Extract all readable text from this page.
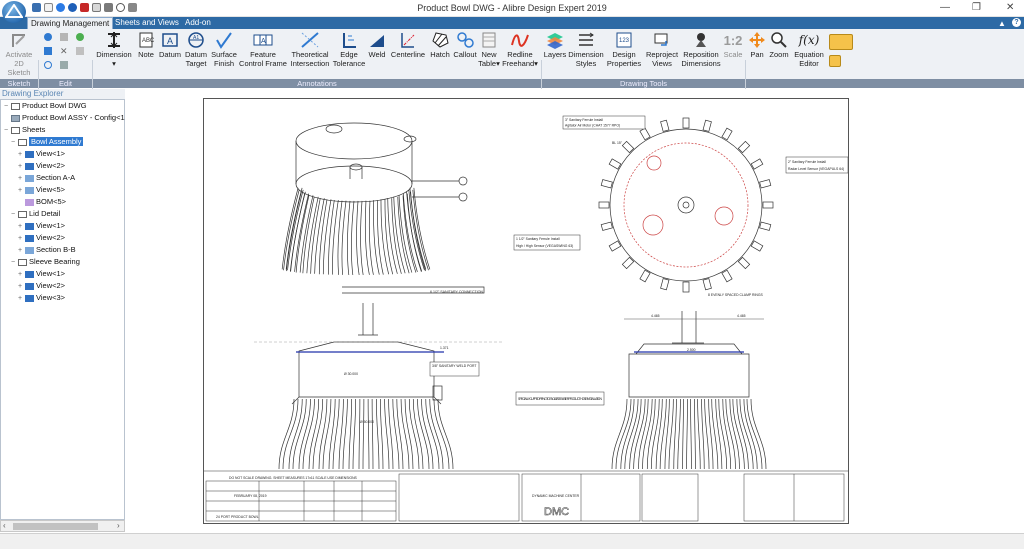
Product Bowl DWG - Alibre Design Expert 2019	— ❐	✕
Drawing Management Sheets and Views Add-on	▲	?
Activate
2D Sketch
✕	Dimension
▾
ABC
Note
A
Datum
A1
Datum
Target
Surface
Finish
A
Feature
Control Frame
Theoretical
Intersection
Edge
Tolerance
Weld Centerline Hatch Callout New
Table▾
Redline
Freehand▾
Layers Dimension
Styles
123
Design
Properties
Reproject
Views
Reposition
Dimensions
1:2
Scale	Pan Zoom
f(x)
Equation
Editor
Sketch	Edit	Annotations	Drawing Tools
Drawing Explorer
− Product Bowl DWG
Product Bowl ASSY - Config<1
− Sheets
− Bowl Assembly
+ View<1>
+ View<2>
+ Section A-A
+ View<5>
BOM<5>
− Lid Detail
+ View<1>
+ View<2>
+ Section B-B
− Sleeve Bearing
+ View<1>
+ View<2>
+ View<3>
‹	›
6 1/2" SANITARY CONNECTION
3" Sanitary Ferrule Install
Agitator Air Motor (CHAT 1577 RPO)
2" Sanitary Ferrule Install
Radar Level Sensor (VEGAPULS 64)
1 1/2" Sanitary Ferrule Install
High / High Sensor (VEGASWING 63)
BL 15"
8 EVENLY SPACED CLAMP RINGS
3/8" SANITARY WELD PORT
1.371
Ø 30.000
Ø 50.000
4.465	4.465
2.500
SPECIALLY CUPPED PIPING TO FACILITATE EASIER PRODUCT HOSE INSTALLATION
DO NOT SCALE DRAWING. SHEET MEASURES 17x11 SCALE USE DIMENSIONS
FEBRUARY 08, 2019
24 PORT PRODUCT BOWL
DYNAMIC MACHINE CENTER
DMC
